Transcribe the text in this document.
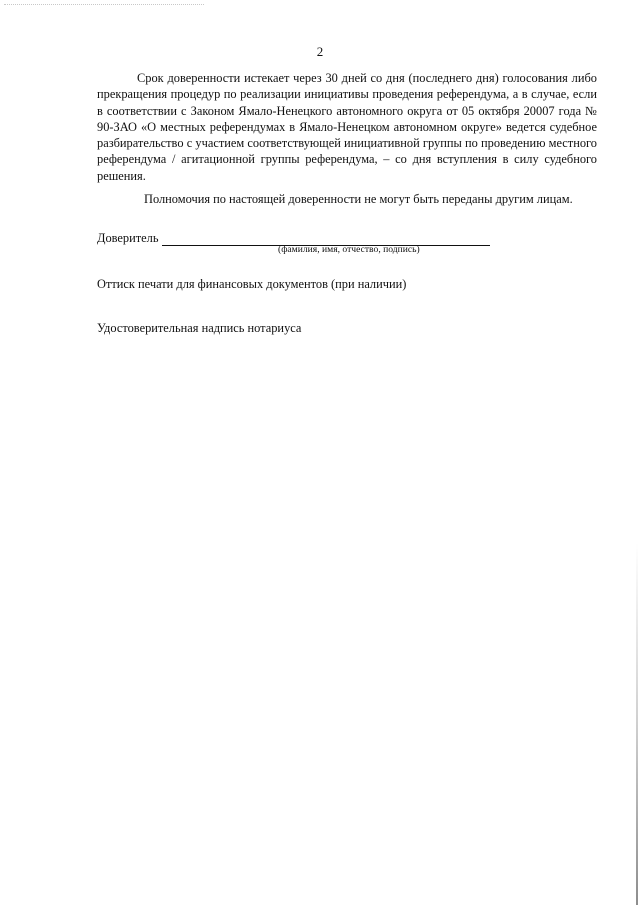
2

Срок доверенности истекает через 30 дней со дня (последнего дня) голосования либо прекращения процедур по реализации инициативы проведения референдума, а в случае, если в соответствии с Законом Ямало-Ненецкого автономного округа от 05 октября 20007 года № 90-ЗАО «О местных референдумах в Ямало-Ненецком автономном округе» ведется судебное разбирательство с участием соответствующей инициативной группы по проведению местного референдума / агитационной группы референдума, – со дня вступления в силу судебного решения.

Полномочия по настоящей доверенности не могут быть переданы другим лицам.

Доверитель
(фамилия, имя, отчество, подпись)
Оттиск печати для финансовых документов (при наличии)
Удостоверительная надпись нотариуса
